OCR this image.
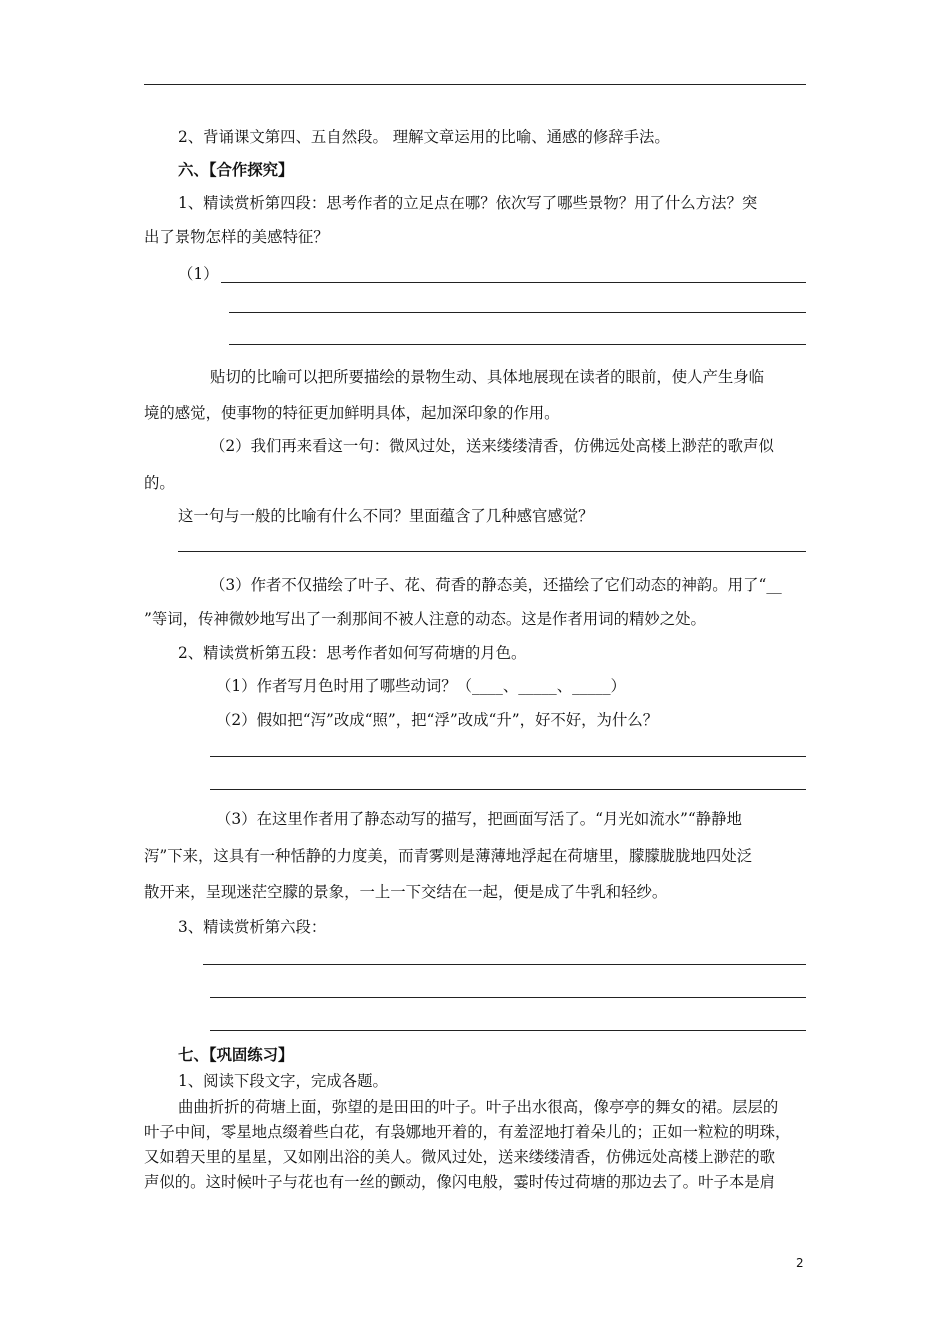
2、背诵课文第四、五自然段。 理解文章运用的比喻、通感的修辞手法。
六、【合作探究】
1、精读赏析第四段：思考作者的立足点在哪？依次写了哪些景物？用了什么方法？突
出了景物怎样的美感特征？
（1）
贴切的比喻可以把所要描绘的景物生动、具体地展现在读者的眼前，使人产生身临
境的感觉，使事物的特征更加鲜明具体，起加深印象的作用。
（2）我们再来看这一句：微风过处，送来缕缕清香，仿佛远处高楼上渺茫的歌声似
的。
这一句与一般的比喻有什么不同？里面蕴含了几种感官感觉？
（3）作者不仅描绘了叶子、花、荷香的静态美，还描绘了它们动态的神韵。用了“__
”等词，传神微妙地写出了一刹那间不被人注意的动态。这是作者用词的精妙之处。
2、精读赏析第五段：思考作者如何写荷塘的月色。
（1）作者写月色时用了哪些动词？（____、_____、_____）
（2）假如把“泻”改成“照”，把“浮”改成“升”，好不好，为什么？
（3）在这里作者用了静态动写的描写，把画面写活了。“月光如流水”“静静地
泻”下来，这具有一种恬静的力度美，而青雾则是薄薄地浮起在荷塘里，朦朦胧胧地四处泛
散开来，呈现迷茫空朦的景象，一上一下交结在一起，便是成了牛乳和轻纱。
3、精读赏析第六段：
七、【巩固练习】
1、阅读下段文字，完成各题。
曲曲折折的荷塘上面，弥望的是田田的叶子。叶子出水很高，像亭亭的舞女的裙。层层的
叶子中间，零星地点缀着些白花，有袅娜地开着的，有羞涩地打着朵儿的；正如一粒粒的明珠，
又如碧天里的星星，又如刚出浴的美人。微风过处，送来缕缕清香，仿佛远处高楼上渺茫的歌
声似的。这时候叶子与花也有一丝的颤动，像闪电般，霎时传过荷塘的那边去了。叶子本是肩
2
